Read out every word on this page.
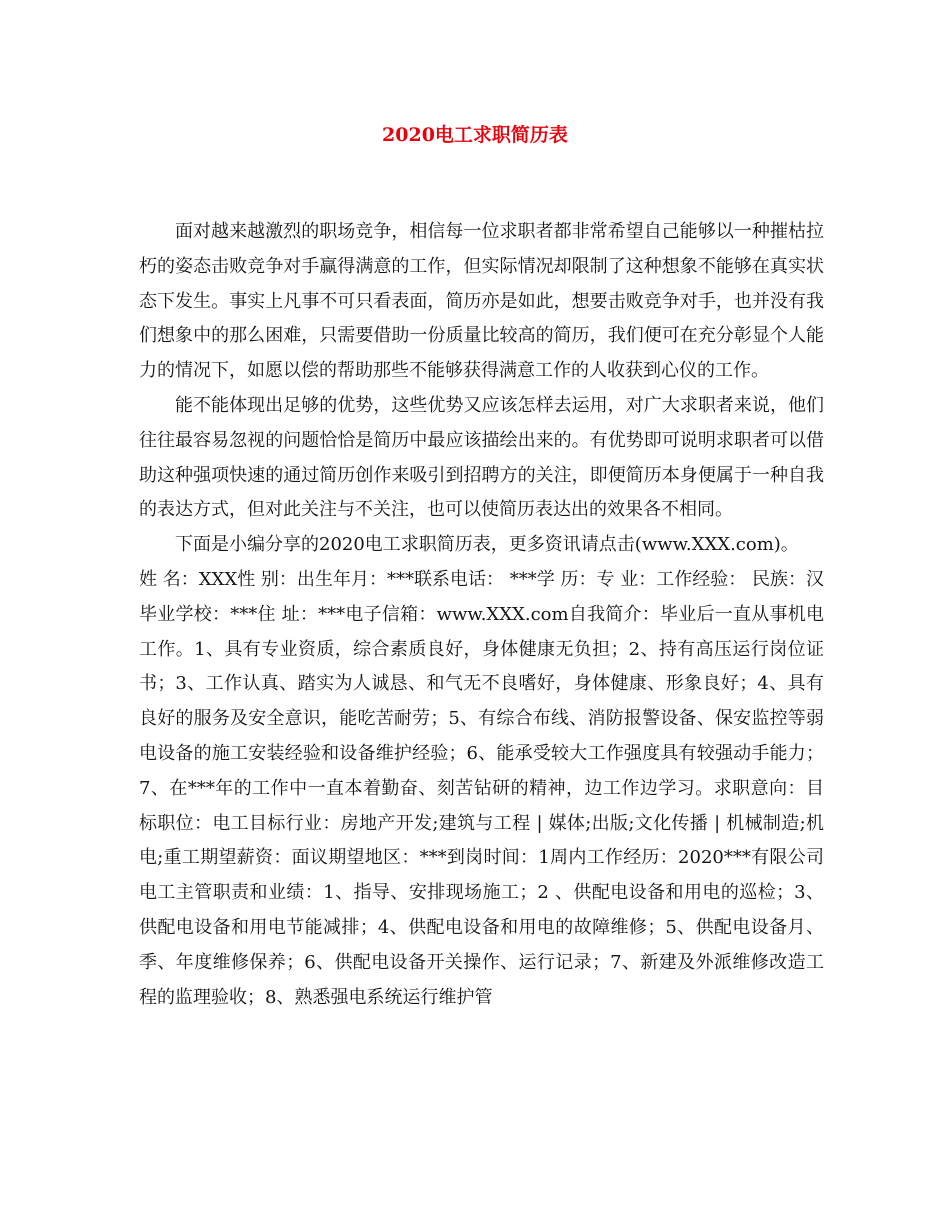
2020电工求职简历表

面对越来越激烈的职场竞争，相信每一位求职者都非常希望自己能够以一种摧枯拉朽的姿态击败竞争对手赢得满意的工作，但实际情况却限制了这种想象不能够在真实状态下发生。事实上凡事不可只看表面，简历亦是如此，想要击败竞争对手，也并没有我们想象中的那么困难，只需要借助一份质量比较高的简历，我们便可在充分彰显个人能力的情况下，如愿以偿的帮助那些不能够获得满意工作的人收获到心仪的工作。

能不能体现出足够的优势，这些优势又应该怎样去运用，对广大求职者来说，他们往往最容易忽视的问题恰恰是简历中最应该描绘出来的。有优势即可说明求职者可以借助这种强项快速的通过简历创作来吸引到招聘方的关注，即便简历本身便属于一种自我的表达方式，但对此关注与不关注，也可以使简历表达出的效果各不相同。

下面是小编分享的2020电工求职简历表，更多资讯请点击(www.XXX.com)。

姓 名：XXX性 别：出生年月：***联系电话： ***学 历：专 业：工作经验： 民族：汉毕业学校：***住 址：***电子信箱：www.XXX.com自我简介：毕业后一直从事机电工作。1、具有专业资质，综合素质良好，身体健康无负担；2、持有高压运行岗位证书；3、工作认真、踏实为人诚恳、和气无不良嗜好，身体健康、形象良好；4、具有良好的服务及安全意识，能吃苦耐劳；5、有综合布线、消防报警设备、保安监控等弱电设备的施工安装经验和设备维护经验；6、能承受较大工作强度具有较强动手能力；7、在***年的工作中一直本着勤奋、刻苦钻研的精神，边工作边学习。求职意向：目标职位：电工目标行业：房地产开发;建筑与工程 | 媒体;出版;文化传播 | 机械制造;机电;重工期望薪资：面议期望地区：***到岗时间：1周内工作经历：2020***有限公司 电工主管职责和业绩：1、指导、安排现场施工；2 、供配电设备和用电的巡检；3、供配电设备和用电节能减排；4、供配电设备和用电的故障维修；5、供配电设备月、季、年度维修保养；6、供配电设备开关操作、运行记录；7、新建及外派维修改造工程的监理验收；8、熟悉强电系统运行维护管
